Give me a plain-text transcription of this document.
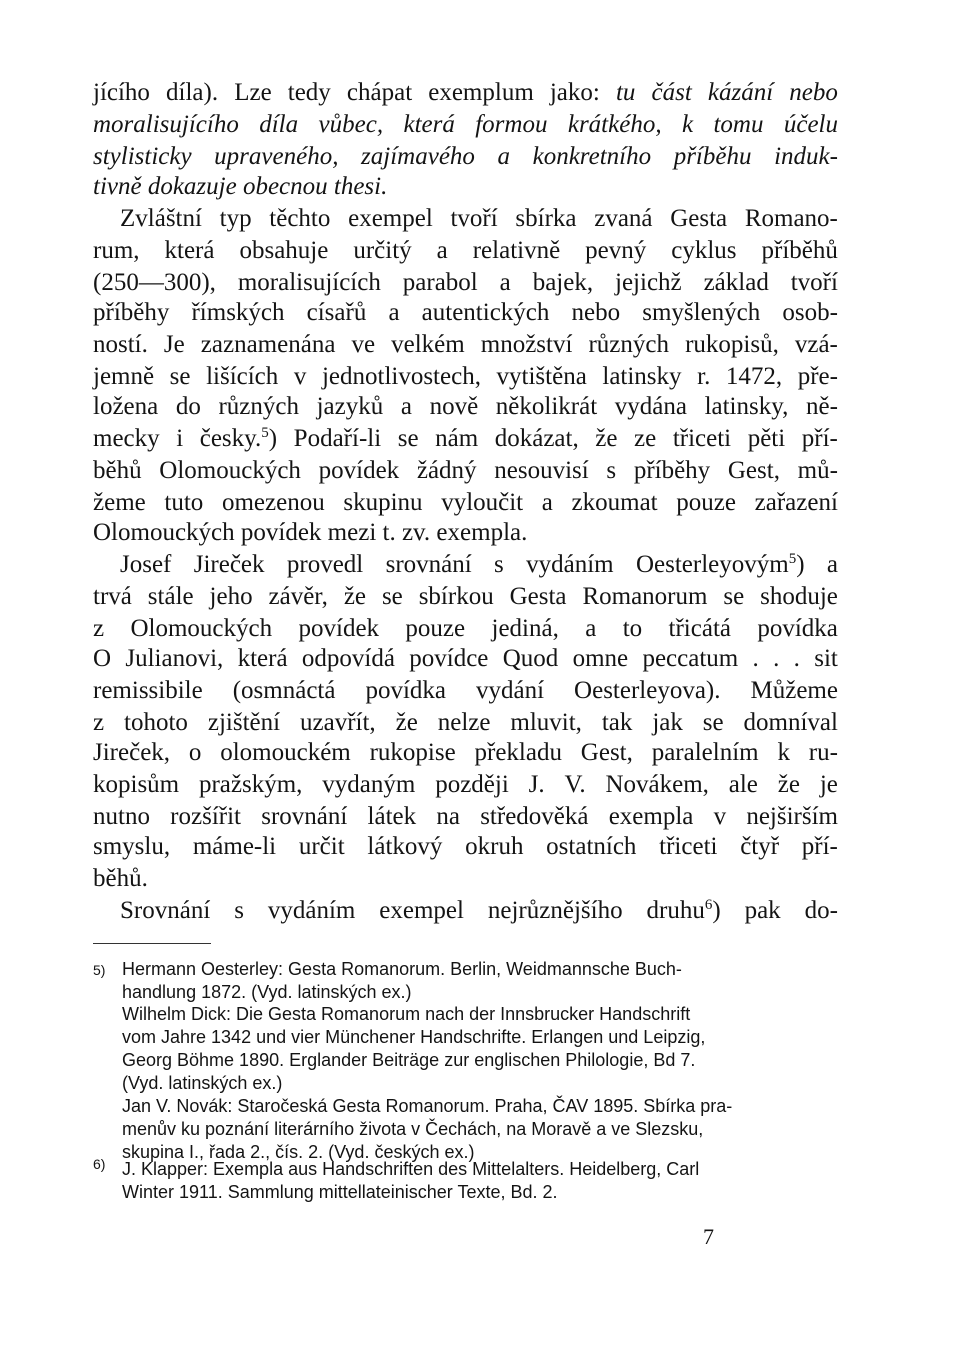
jícího díla). Lze tedy chápat exemplum jako: tu část kázání nebo
moralisujícího díla vůbec, která formou krátkého, k tomu účelu
stylisticky upraveného, zajímavého a konkretního příběhu induk-
tivně dokazuje obecnou thesi.
Zvláštní typ těchto exempel tvoří sbírka zvaná Gesta Romano-
rum, která obsahuje určitý a relativně pevný cyklus příběhů
(250—300), moralisujících parabol a bajek, jejichž základ tvoří
příběhy římských císařů a autentických nebo smyšlených osob-
ností. Je zaznamenána ve velkém množství různých rukopisů, vzá-
jemně se lišících v jednotlivostech, vytištěna latinsky r. 1472, pře-
ložena do různých jazyků a nově několikrát vydána latinsky, ně-
mecky i česky.$^5$) Podaří-li se nám dokázat, že ze třiceti pěti pří-
běhů Olomouckých povídek žádný nesouvisí s příběhy Gest, mů-
žeme tuto omezenou skupinu vyloučit a zkoumat pouze zařazení
Olomouckých povídek mezi t. zv. exempla.
Josef Jireček provedl srovnání s vydáním Oesterleyovým$^5$) a
trvá stále jeho závěr, že se sbírkou Gesta Romanorum se shoduje
z Olomouckých povídek pouze jediná, a to třicátá povídka
O Julianovi, která odpovídá povídce Quod omne peccatum . . . sit
remissibile (osmnáctá povídka vydání Oesterleyova). Můžeme
z tohoto zjištění uzavřít, že nelze mluvit, tak jak se domníval
Jireček, o olomouckém rukopise překladu Gest, paralelním k ru-
kopisům pražským, vydaným později J. V. Novákem, ale že je
nutno rozšířit srovnání látek na středověká exempla v nejširším
smyslu, máme-li určit látkový okruh ostatních třiceti čtyř pří-
běhů.
Srovnání s vydáním exempel nejrůznějšího druhu$^6$) pak do-
5)
6)
Hermann Oesterley: Gesta Romanorum. Berlin, Weidmannsche Buch-
handlung 1872. (Vyd. latinských ex.)
Wilhelm Dick: Die Gesta Romanorum nach der Innsbrucker Handschrift
vom Jahre 1342 und vier Münchener Handschrifte. Erlangen und Leipzig,
Georg Böhme 1890. Erglander Beiträge zur englischen Philologie, Bd 7.
(Vyd. latinských ex.)
Jan V. Novák: Staročeská Gesta Romanorum. Praha, ČAV 1895. Sbírka pra-
menův ku poznání literárního života v Čechách, na Moravě a ve Slezsku,
skupina I., řada 2., čís. 2. (Vyd. českých ex.)
J. Klapper: Exempla aus Handschriften des Mittelalters. Heidelberg, Carl
Winter 1911. Sammlung mittellateinischer Texte, Bd. 2.
7
